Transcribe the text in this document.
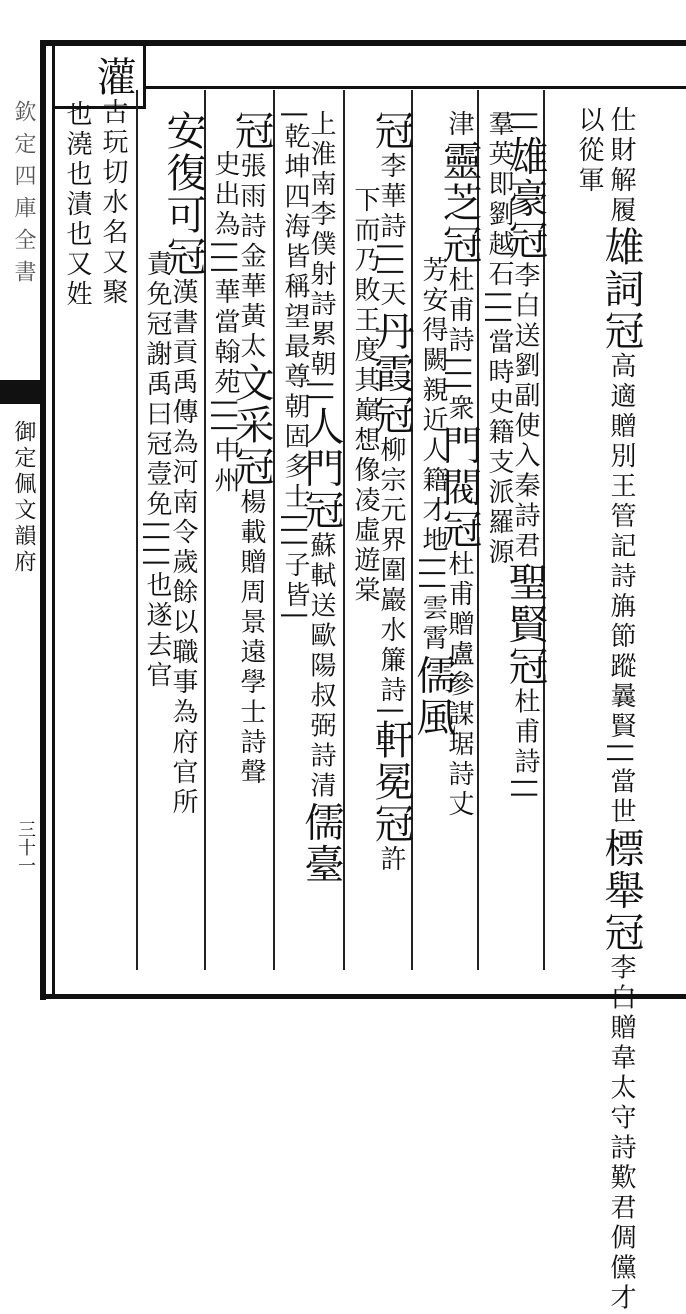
欽定四庫全書
御定佩文韻府
三十一
仕財解履雄詞冠高適贈別王管記詩㫋節蹤曩賢||當世標舉冠李白贈韋太守詩歎君倜儻才
以從軍
||雄豪冠李白送劉副使入秦詩君聖賢冠杜甫詩||
羣英即劉越石|||當時史籍支派羅源
津靈芝冠杜甫詩|||衆門閥冠杜甫贈盧參謀琚詩丈
芳安得闕親近人籍才地|||雲霄儒風
冠李華詩|||天丹霞冠柳宗元界圍巖水簾詩|軒冕冠許
下而乃敗王度其巔想像凌虛遊棠
上淮南李僕射詩累朝||人門冠蘇軾送歐陽叔弼詩清儒臺
|乾坤四海皆稱望最尊朝固多士|||子皆|
冠張雨詩金華黃太文采冠楊載贈周景遠學士詩聲
史出為|||華當翰苑|||中州
安復可冠漢書貢禹傳為河南令歲餘以職事為府官所
責免冠謝禹曰冠壹免||||也遂去官
灌古玩切水名又聚
也澆也漬也又姓
